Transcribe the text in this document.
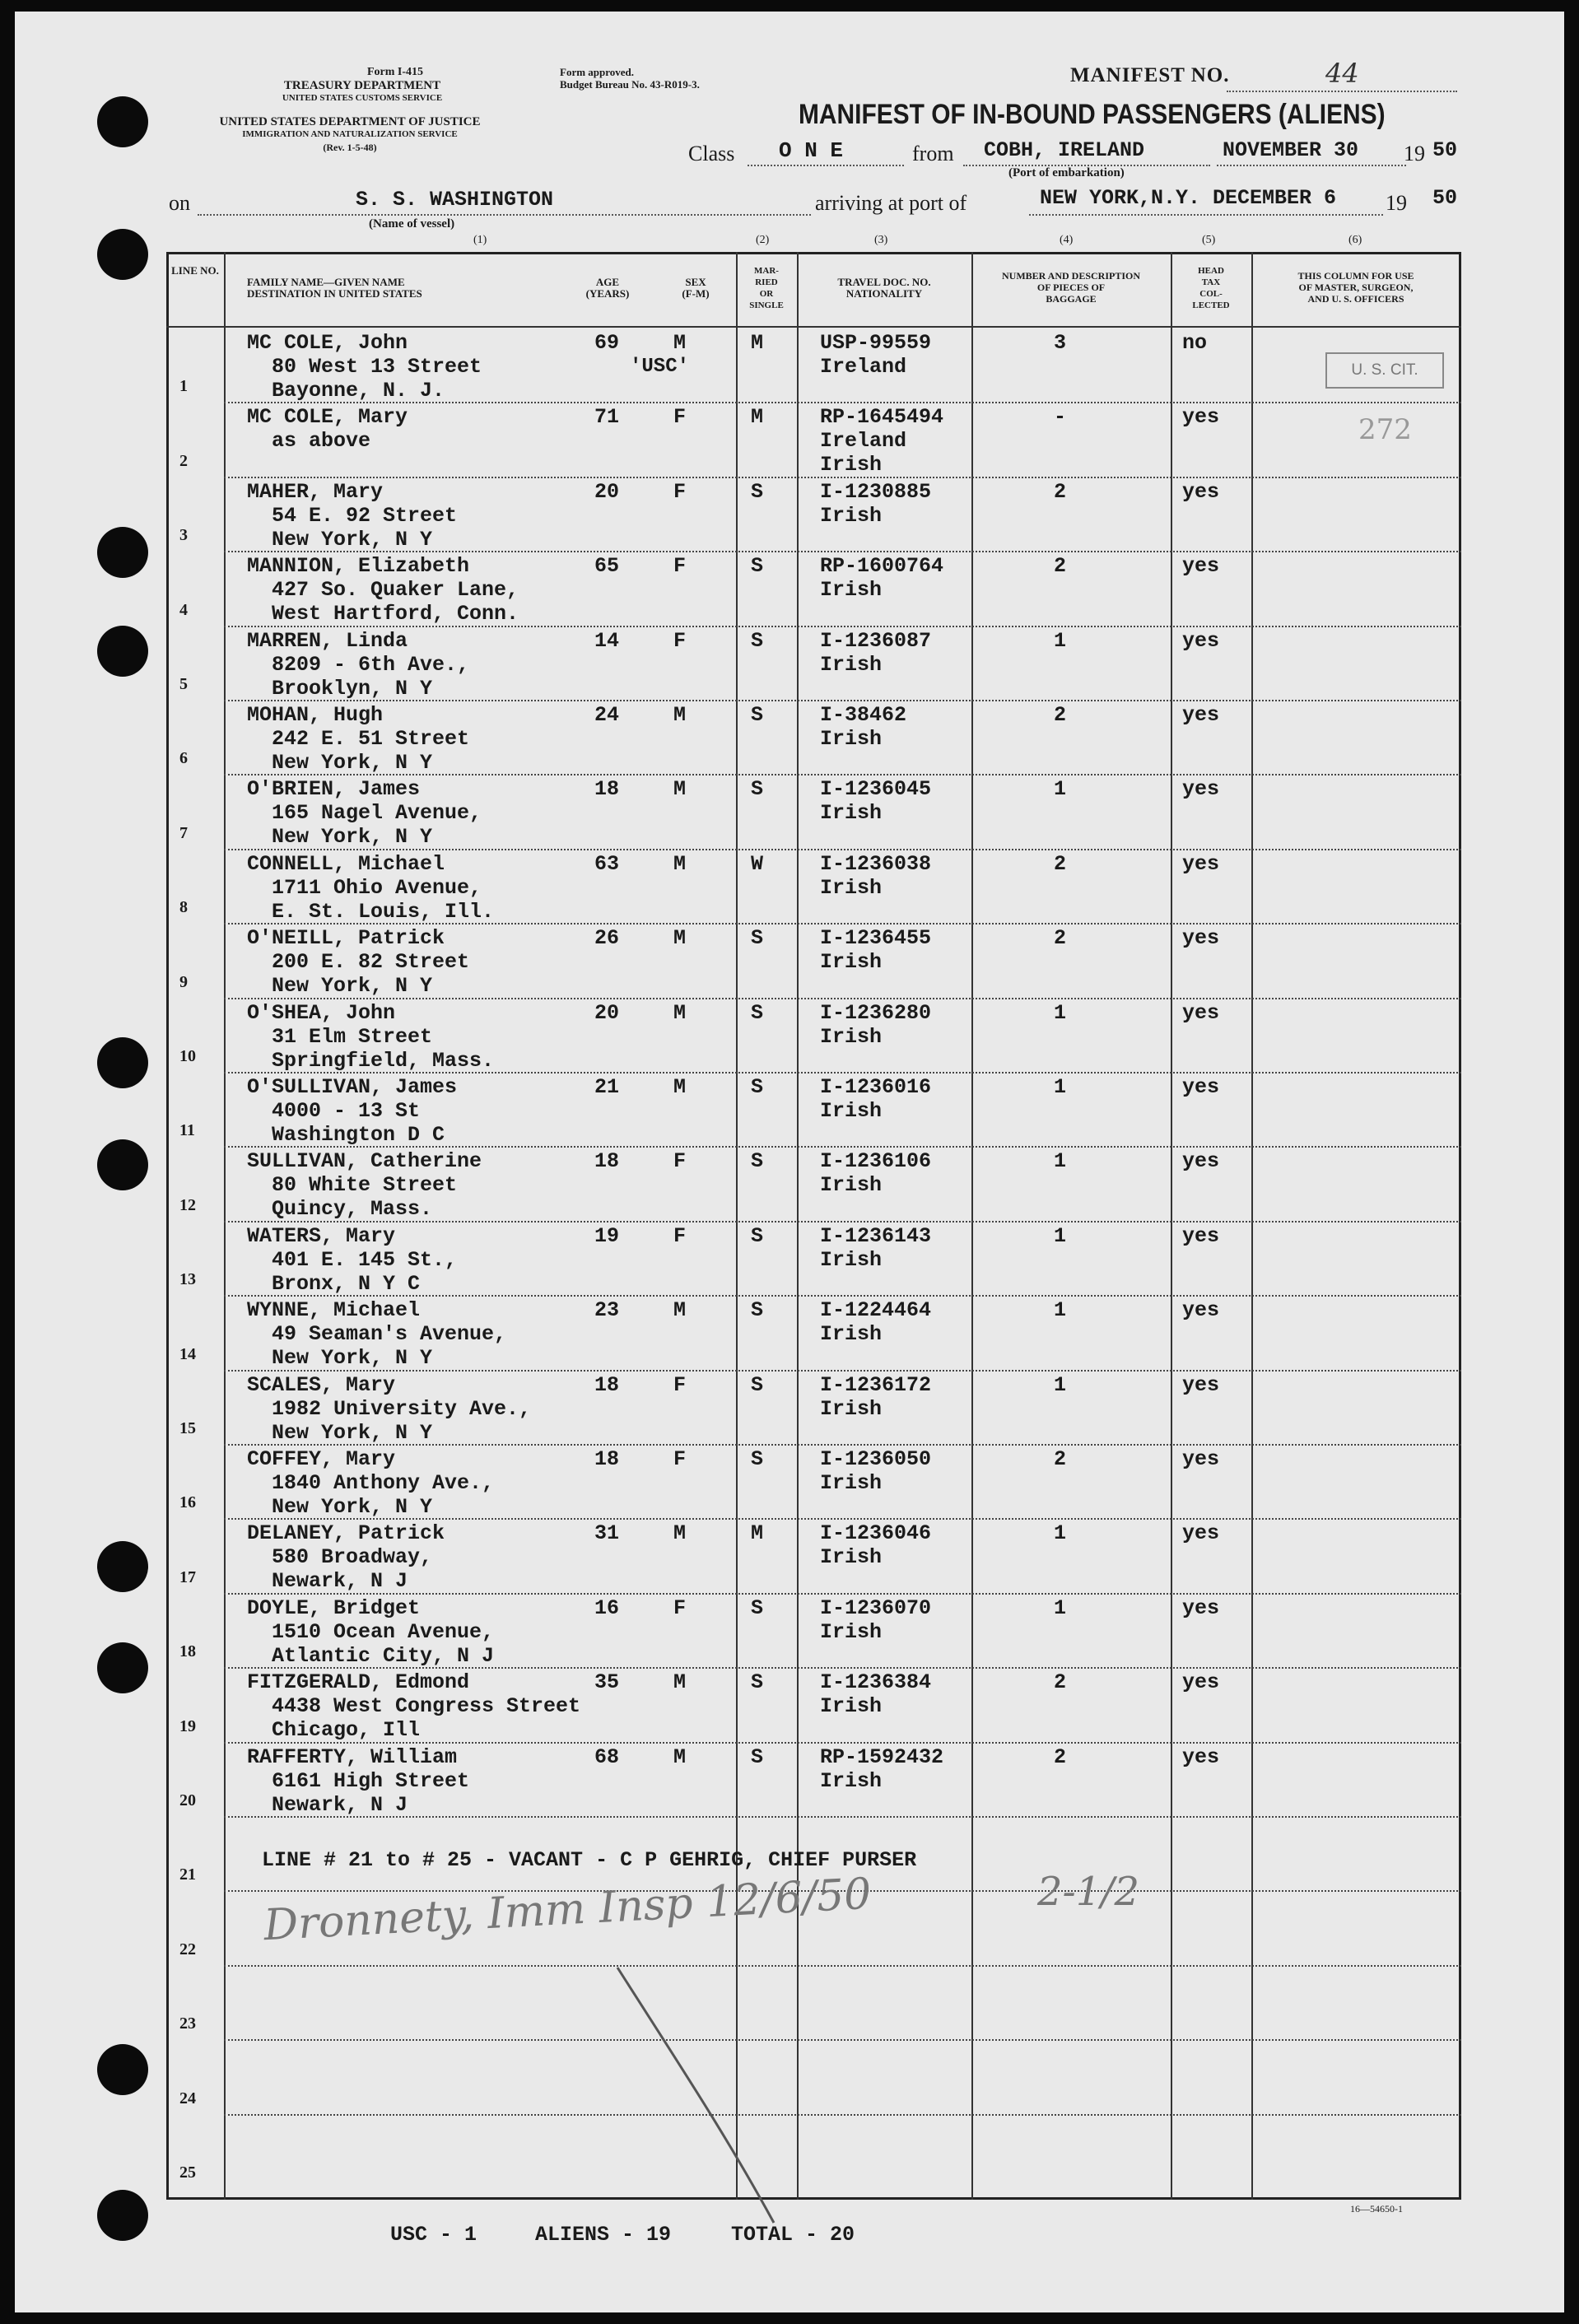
Form I-415
TREASURY DEPARTMENT
UNITED STATES CUSTOMS SERVICE
UNITED STATES DEPARTMENT OF JUSTICE
IMMIGRATION AND NATURALIZATION SERVICE
(Rev. 1-5-48)
Form approved.
Budget Bureau No. 43-R019-3.	MANIFEST NO.	44
MANIFEST OF IN-BOUND PASSENGERS (ALIENS)
Class O N E	from COBH, IRELAND
(Port of embarkation)
NOVEMBER 30 19 50
on	S. S. WASHINGTON
(Name of vessel)
arriving at port of	NEW YORK,N.Y. DECEMBER 6 19 50
(1)	(2)	(3)	(4)	(5)	(6)
LINE NO.
FAMILY NAME—GIVEN NAME
DESTINATION IN UNITED STATES
AGE
(YEARS)
SEX
(F-M)
MAR-
RIED
OR
SINGLE
TRAVEL DOC. NO.
NATIONALITY
NUMBER AND DESCRIPTION
OF PIECES OF
BAGGAGE
HEAD
TAX
COL-
LECTED
THIS COLUMN FOR USE
OF MASTER, SURGEON,
AND U. S. OFFICERS
1
MC COLE, John
80 West 13 Street
Bayonne, N. J.
69	M	M	USP-99559
Ireland
3	no
2
MC COLE, Mary
as above
71	F	M	RP-1645494
Ireland
Irish
-	yes
3
MAHER, Mary
54 E. 92 Street
New York, N Y
20	F	S	I-1230885
Irish
2	yes
4
MANNION, Elizabeth
427 So. Quaker Lane,
West Hartford, Conn.
65	F	S	RP-1600764
Irish
2	yes
5
MARREN, Linda
8209 - 6th Ave.,
Brooklyn, N Y
14	F	S	I-1236087
Irish
1	yes
6
MOHAN, Hugh
242 E. 51 Street
New York, N Y
24	M	S	I-38462
Irish
2	yes
7
O'BRIEN, James
165 Nagel Avenue,
New York, N Y
18	M	S	I-1236045
Irish
1	yes
8
CONNELL, Michael
1711 Ohio Avenue,
E. St. Louis, Ill.
63	M	W	I-1236038
Irish
2	yes
9
O'NEILL, Patrick
200 E. 82 Street
New York, N Y
26	M	S	I-1236455
Irish
2	yes
10
O'SHEA, John
31 Elm Street
Springfield, Mass.
20	M	S	I-1236280
Irish
1	yes
11
O'SULLIVAN, James
4000 - 13 St
Washington D C
21	M	S	I-1236016
Irish
1	yes
12
SULLIVAN, Catherine
80 White Street
Quincy, Mass.
18	F	S	I-1236106
Irish
1	yes
13
WATERS, Mary
401 E. 145 St.,
Bronx, N Y C
19	F	S	I-1236143
Irish
1	yes
14
WYNNE, Michael
49 Seaman's Avenue,
New York, N Y
23	M	S	I-1224464
Irish
1	yes
15
SCALES, Mary
1982 University Ave.,
New York, N Y
18	F	S	I-1236172
Irish
1	yes
16
COFFEY, Mary
1840 Anthony Ave.,
New York, N Y
18	F	S	I-1236050
Irish
2	yes
17
DELANEY, Patrick
580 Broadway,
Newark, N J
31	M	M	I-1236046
Irish
1	yes
18
DOYLE, Bridget
1510 Ocean Avenue,
Atlantic City, N J
16	F	S	I-1236070
Irish
1	yes
19
FITZGERALD, Edmond
4438 West Congress Street
Chicago, Ill
35	M	S	I-1236384
Irish
2	yes
20
RAFFERTY, William
6161 High Street
Newark, N J
68	M	S	RP-1592432
Irish
2	yes
21
22
23
24
25
'USC'	U. S. CIT.
272
LINE # 21 to # 25 - VACANT - C P GEHRIG, CHIEF PURSER
Dronnety, Imm Insp 12/6/50	2-1/2
USC - 1	ALIENS - 19	TOTAL - 20
16—54650-1
